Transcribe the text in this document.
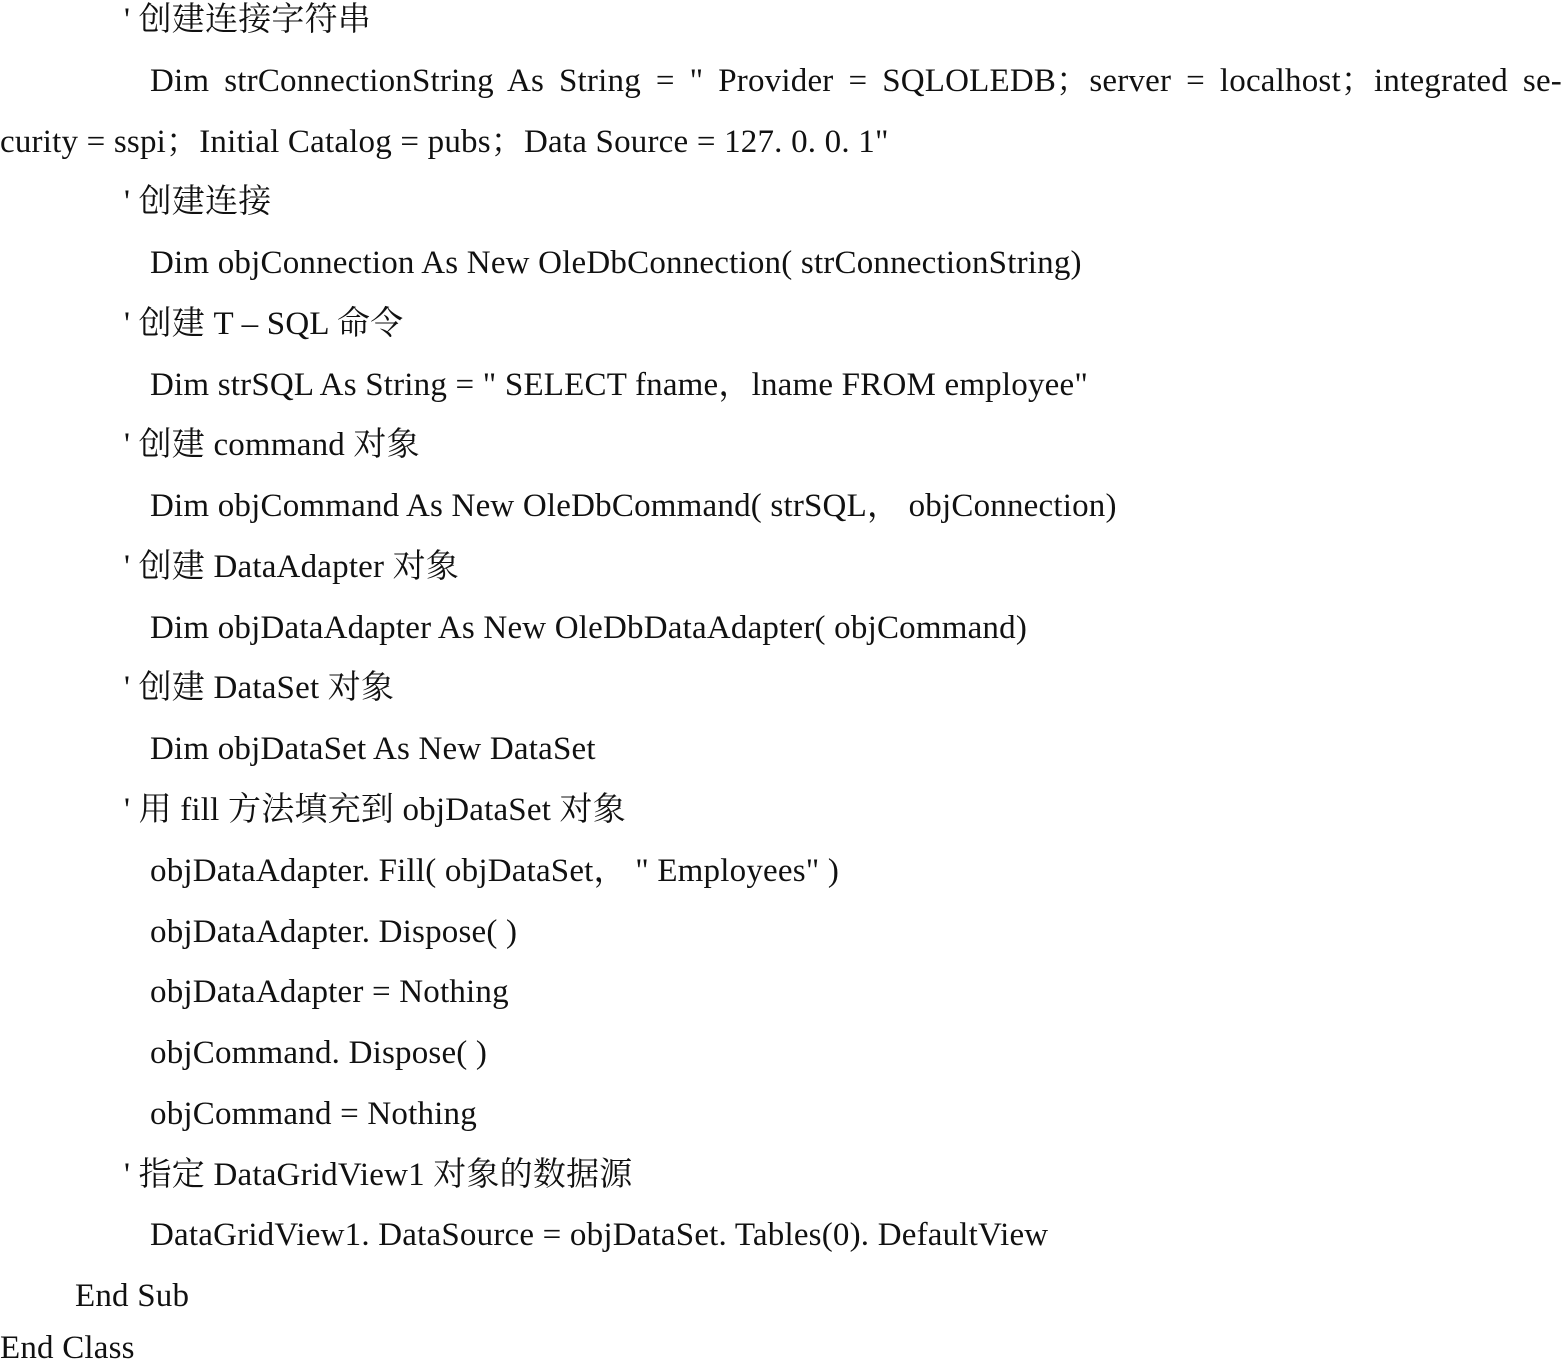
' 创建连接字符串
Dim strConnectionString As String = " Provider = SQLOLEDB；server = localhost；integrated se-
curity = sspi；Initial Catalog = pubs；Data Source = 127. 0. 0. 1"
' 创建连接
Dim objConnection As New OleDbConnection( strConnectionString)
' 创建 T – SQL 命令
Dim strSQL As String = " SELECT fname，lname FROM employee"
' 创建 command 对象
Dim objCommand As New OleDbCommand( strSQL， objConnection)
' 创建 DataAdapter 对象
Dim objDataAdapter As New OleDbDataAdapter( objCommand)
' 创建 DataSet 对象
Dim objDataSet As New DataSet
' 用 fill 方法填充到 objDataSet 对象
objDataAdapter. Fill( objDataSet， " Employees" )
objDataAdapter. Dispose( )
objDataAdapter = Nothing
objCommand. Dispose( )
objCommand = Nothing
' 指定 DataGridView1 对象的数据源
DataGridView1. DataSource = objDataSet. Tables(0). DefaultView
End Sub
End Class
